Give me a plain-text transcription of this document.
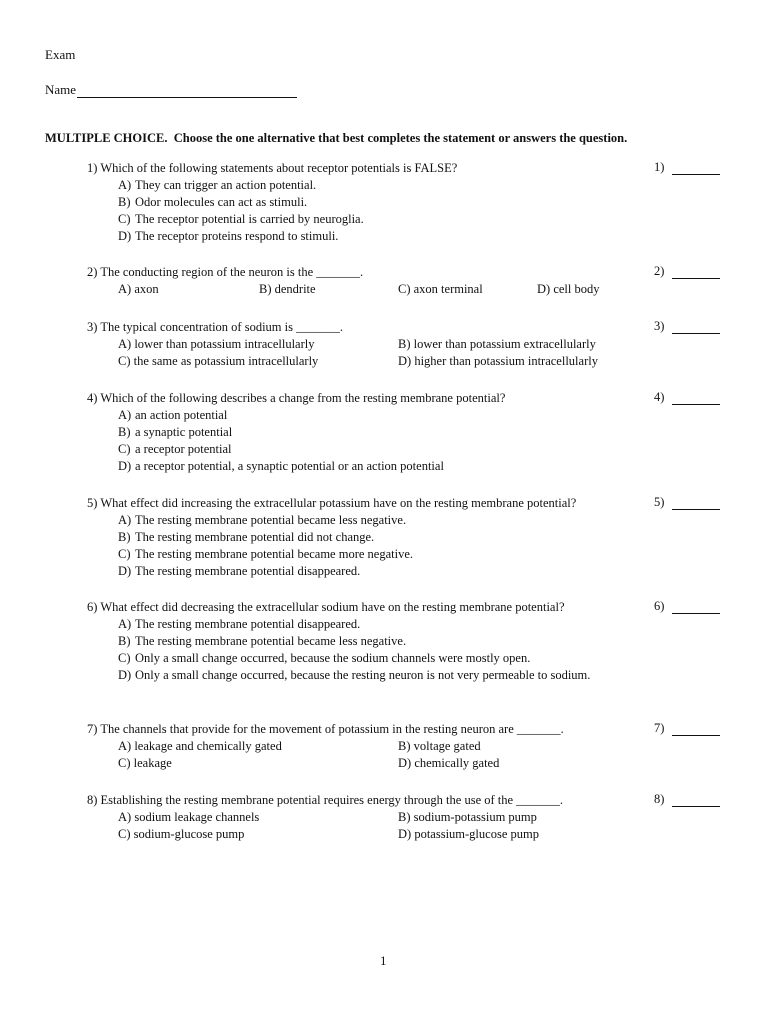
Exam
Name
MULTIPLE CHOICE. Choose the one alternative that best completes the statement or answers the question.
1) Which of the following statements about receptor potentials is FALSE?
A) They can trigger an action potential.
B) Odor molecules can act as stimuli.
C) The receptor potential is carried by neuroglia.
D) The receptor proteins respond to stimuli.
1)
2) The conducting region of the neuron is the _______.
A) axon	B) dendrite	C) axon terminal	D) cell body
2)
3) The typical concentration of sodium is _______.
A) lower than potassium intracellularly	B) lower than potassium extracellularly
C) the same as potassium intracellularly	D) higher than potassium intracellularly
3)
4) Which of the following describes a change from the resting membrane potential?
A) an action potential
B) a synaptic potential
C) a receptor potential
D) a receptor potential, a synaptic potential or an action potential
4)
5) What effect did increasing the extracellular potassium have on the resting membrane potential?
A) The resting membrane potential became less negative.
B) The resting membrane potential did not change.
C) The resting membrane potential became more negative.
D) The resting membrane potential disappeared.
5)
6) What effect did decreasing the extracellular sodium have on the resting membrane potential?
A) The resting membrane potential disappeared.
B) The resting membrane potential became less negative.
C) Only a small change occurred, because the sodium channels were mostly open.
D) Only a small change occurred, because the resting neuron is not very permeable to sodium.
6)
7) The channels that provide for the movement of potassium in the resting neuron are _______.
A) leakage and chemically gated	B) voltage gated
C) leakage	D) chemically gated
7)
8) Establishing the resting membrane potential requires energy through the use of the _______.
A) sodium leakage channels	B) sodium-potassium pump
C) sodium-glucose pump	D) potassium-glucose pump
8)
1
